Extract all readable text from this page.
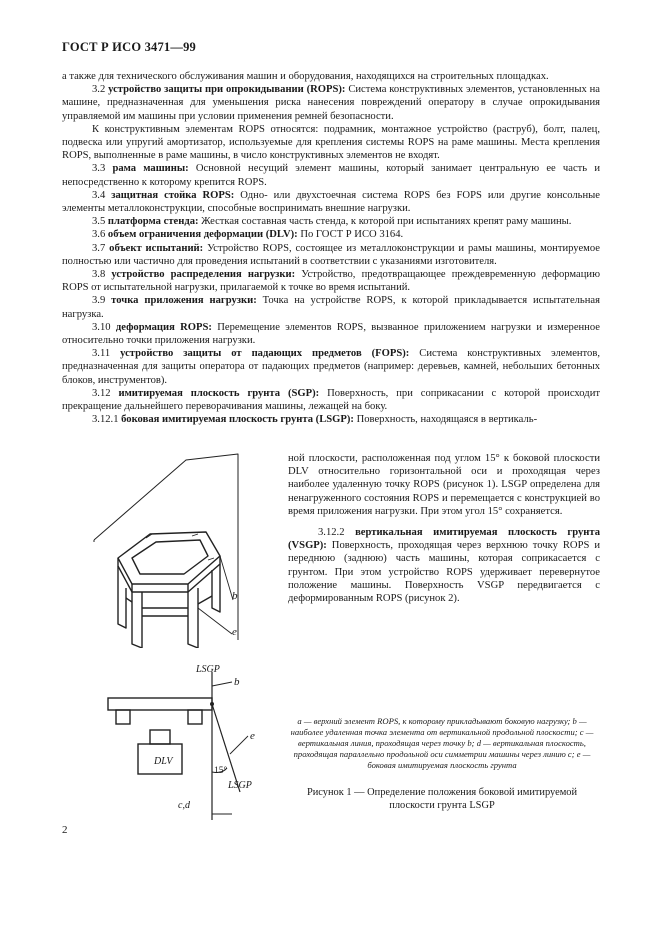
ГОСТ Р ИСО 3471—99

а также для технического обслуживания машин и оборудования, находящихся на строительных площадках.

3.2 устройство защиты при опрокидывании (ROPS): Система конструктивных элементов, установленных на машине, предназначенная для уменьшения риска нанесения повреждений оператору в случае опрокидывания управляемой им машины при условии применения ремней безопасности.

К конструктивным элементам ROPS относятся: подрамник, монтажное устройство (раструб), болт, палец, подвеска или упругий амортизатор, используемые для крепления системы ROPS на раме машины. Места крепления ROPS, выполненные в раме машины, в число конструктивных элементов не входят.

3.3 рама машины: Основной несущий элемент машины, который занимает центральную ее часть и непосредственно к которому крепится ROPS.

3.4 защитная стойка ROPS: Одно- или двухстоечная система ROPS без FOPS или другие консольные элементы металлоконструкции, способные воспринимать внешние нагрузки.

3.5 платформа стенда: Жесткая составная часть стенда, к которой при испытаниях крепят раму машины.

3.6 объем ограничения деформации (DLV): По ГОСТ Р ИСО 3164.

3.7 объект испытаний: Устройство ROPS, состоящее из металлоконструкции и рамы машины, монтируемое полностью или частично для проведения испытаний в соответствии с указаниями изготовителя.

3.8 устройство распределения нагрузки: Устройство, предотвращающее преждевременную деформацию ROPS от испытательной нагрузки, прилагаемой к точке во время испытаний.

3.9 точка приложения нагрузки: Точка на устройстве ROPS, к которой прикладывается испытательная нагрузка.

3.10 деформация ROPS: Перемещение элементов ROPS, вызванное приложением нагрузки и измеренное относительно точки приложения нагрузки.

3.11 устройство защиты от падающих предметов (FOPS): Система конструктивных элементов, предназначенная для защиты оператора от падающих предметов (например: деревьев, камней, небольших бетонных блоков, инструментов).

3.12 имитируемая плоскость грунта (SGP): Поверхность, при соприкасании с которой происходит прекращение дальнейшего переворачивания машины, лежащей на боку.

3.12.1 боковая имитируемая плоскость грунта (LSGP): Поверхность, находящаяся в вертикаль-

ной плоскости, расположенная под углом 15° к боковой плоскости DLV относительно горизонтальной оси и проходящая через наиболее удаленную точку ROPS (рисунок 1). LSGP определена для ненагруженного состояния ROPS и перемещается с конструкцией во время приложения нагрузки. При этом угол 15° сохраняется.
3.12.2 вертикальная имитируемая плоскость грунта (VSGP): Поверхность, проходящая через верхнюю точку ROPS и переднюю (заднюю) часть машины, которая соприкасается с грунтом. При этом устройство ROPS удерживает перевернутое положение машины. Поверхность VSGP передвигается с деформированным ROPS (рисунок 2).
b
e
LSGP
b
e
DLV
15°
LSGP
c,d
a — верхний элемент ROPS, к которому прикладывают боковую нагрузку; b — наиболее удаленная точка элемента от вертикальной продольной плоскости; c — вертикальная линия, проходящая через точку b; d — вертикальная плоскость, проходящая параллельно продольной оси симметрии машины через линию c; e — боковая имитируемая плоскость грунта
Рисунок 1 — Определение положения боковой имитируемой плоскости грунта LSGP
2
